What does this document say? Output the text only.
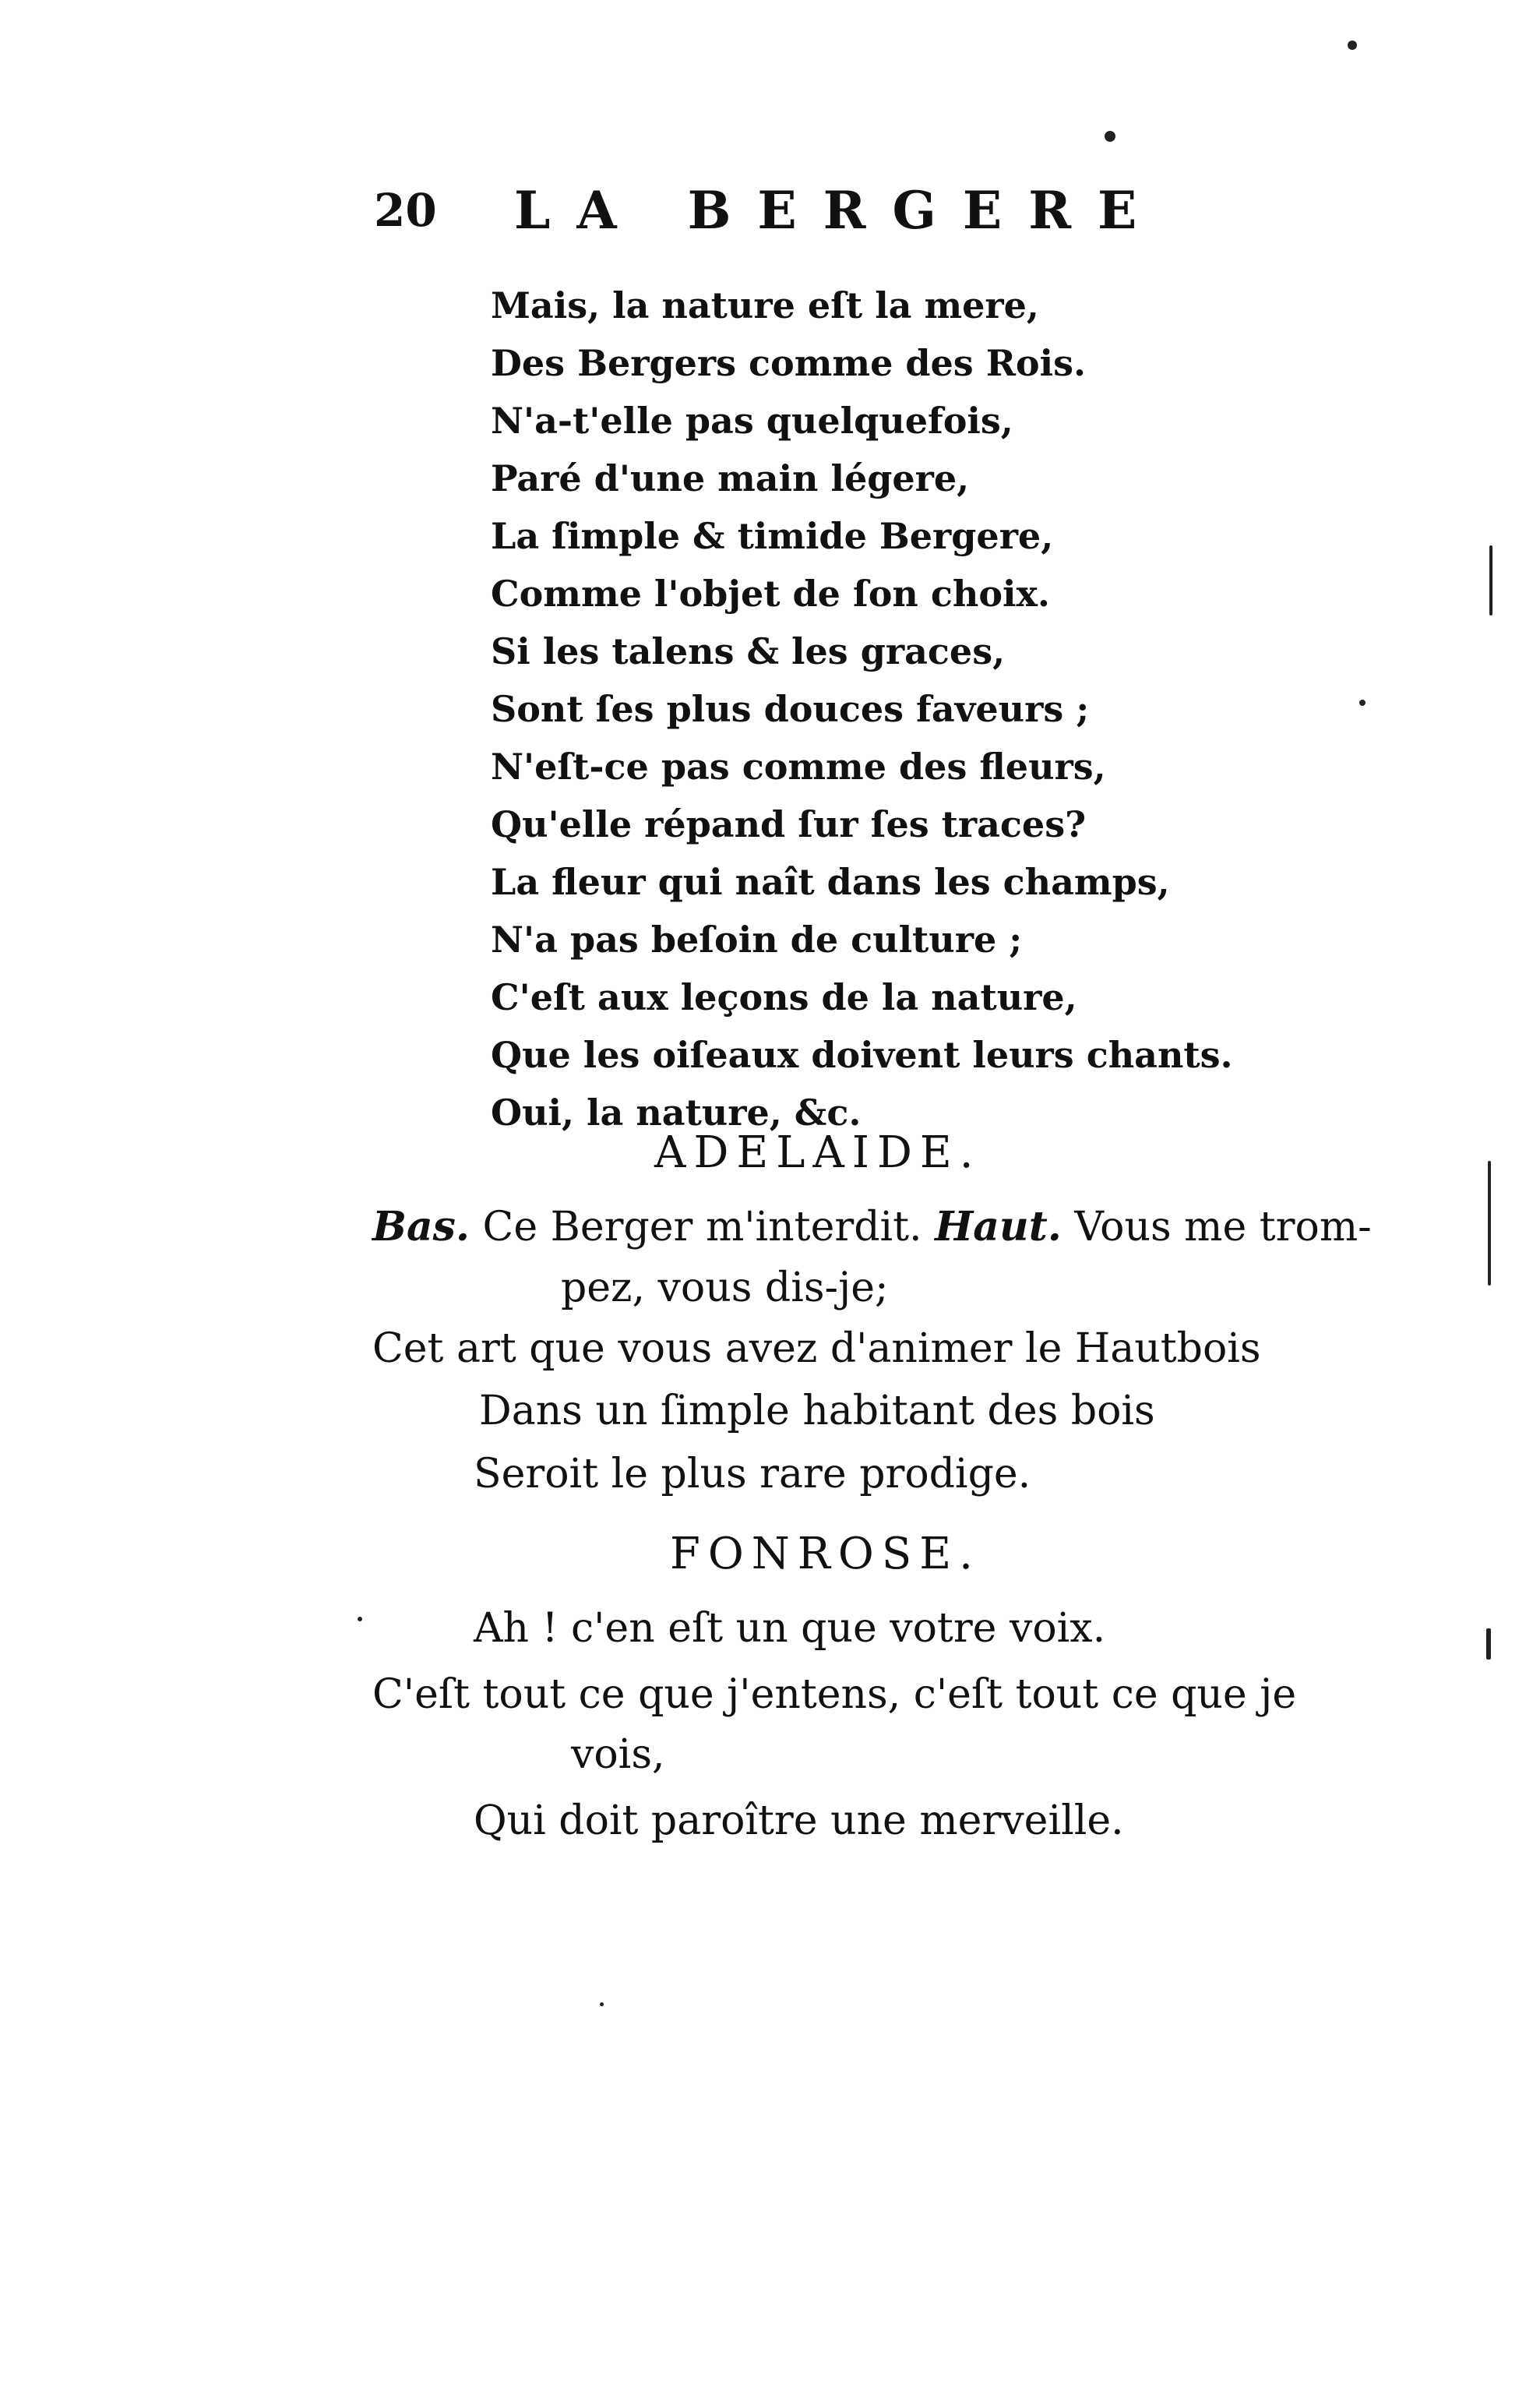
20 LA BERGERE
Mais, la nature eſt la mere,
Des Bergers comme des Rois.
N'a-t'elle pas quelquefois,
Paré d'une main légere,
La ſimple & timide Bergere,
Comme l'objet de ſon choix.
Si les talens & les graces,
Sont ſes plus douces faveurs ;
N'eſt-ce pas comme des fleurs,
Qu'elle répand ſur ſes traces?
La fleur qui naît dans les champs,
N'a pas beſoin de culture ;
C'eſt aux leçons de la nature,
Que les oiſeaux doivent leurs chants.
Oui, la nature, &c.
ADELAIDE.
Bas. Ce Berger m'interdit. Haut. Vous me trom-
pez, vous dis-je;
Cet art que vous avez d'animer le Hautbois
Dans un ſimple habitant des bois
Seroit le plus rare prodige.
FONROSE.
Ah ! c'en eſt un que votre voix.
C'eſt tout ce que j'entens, c'eſt tout ce que je
vois,
Qui doit paroître une merveille.
